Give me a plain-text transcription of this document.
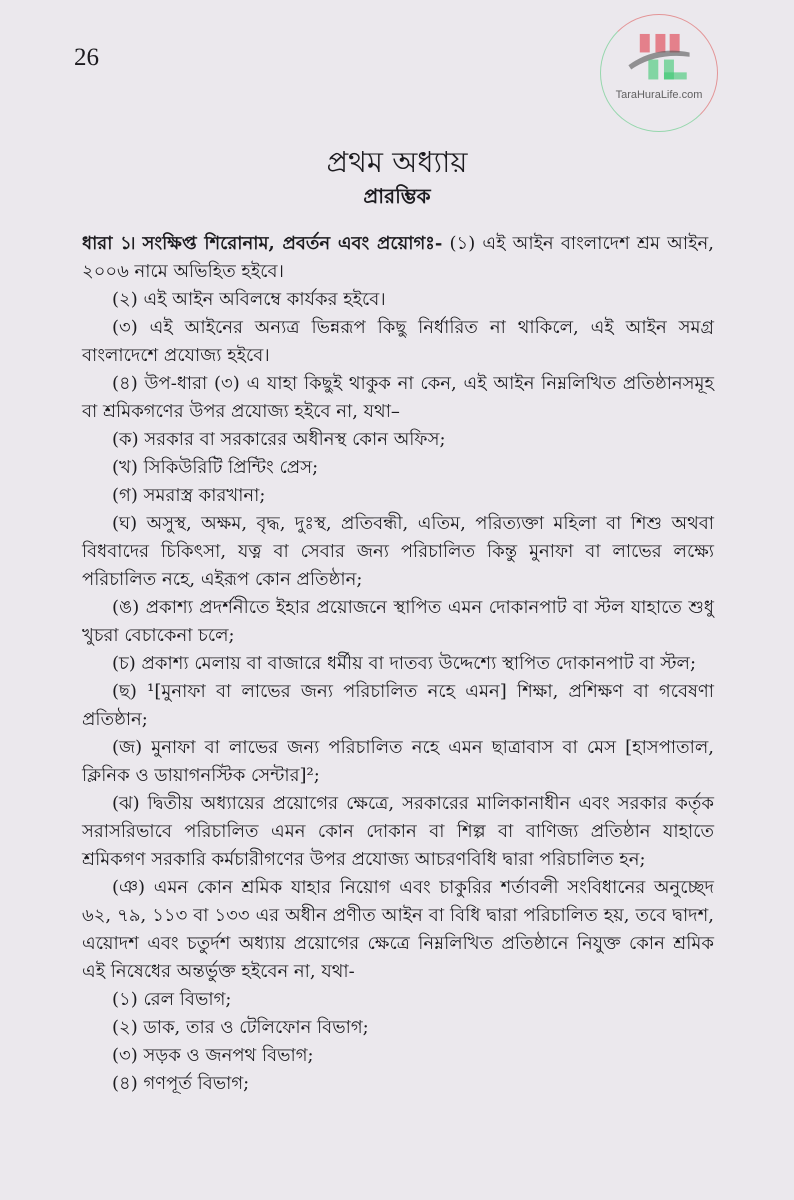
26
প্রথম অধ্যায়
প্রারম্ভিক

ধারা ১৷ সংক্ষিপ্ত শিরোনাম, প্রবর্তন এবং প্রয়োগঃ- (১) এই আইন বাংলাদেশ শ্রম আইন, ২০০৬ নামে অভিহিত হইবে।

(২) এই আইন অবিলম্বে কার্যকর হইবে।

(৩) এই আইনের অন্যত্র ভিন্নরূপ কিছু নির্ধারিত না থাকিলে, এই আইন সমগ্র বাংলাদেশে প্রযোজ্য হইবে।

(৪) উপ-ধারা (৩) এ যাহা কিছুই থাকুক না কেন, এই আইন নিম্নলিখিত প্রতিষ্ঠানসমূহ বা শ্রমিকগণের উপর প্রযোজ্য হইবে না, যথা–

(ক) সরকার বা সরকারের অধীনস্থ কোন অফিস;

(খ) সিকিউরিটি প্রিন্টিং প্রেস;

(গ) সমরাস্ত্র কারখানা;

(ঘ) অসুস্থ, অক্ষম, বৃদ্ধ, দুঃস্থ, প্রতিবন্ধী, এতিম, পরিত্যক্তা মহিলা বা শিশু অথবা বিধবাদের চিকিৎসা, যত্ন বা সেবার জন্য পরিচালিত কিন্তু মুনাফা বা লাভের লক্ষ্যে পরিচালিত নহে, এইরূপ কোন প্রতিষ্ঠান;

(ঙ) প্রকাশ্য প্রদর্শনীতে ইহার প্রয়োজনে স্থাপিত এমন দোকানপাট বা স্টল যাহাতে শুধু খুচরা বেচাকেনা চলে;

(চ) প্রকাশ্য মেলায় বা বাজারে ধর্মীয় বা দাতব্য উদ্দেশ্যে স্থাপিত দোকানপাট বা স্টল;

(ছ) ¹[মুনাফা বা লাভের জন্য পরিচালিত নহে এমন] শিক্ষা, প্রশিক্ষণ বা গবেষণা প্রতিষ্ঠান;

(জ) মুনাফা বা লাভের জন্য পরিচালিত নহে এমন ছাত্রাবাস বা মেস [হাসপাতাল, ক্লিনিক ও ডায়াগনস্টিক সেন্টার]²;

(ঝ) দ্বিতীয় অধ্যায়ের প্রয়োগের ক্ষেত্রে, সরকারের মালিকানাধীন এবং সরকার কর্তৃক সরাসরিভাবে পরিচালিত এমন কোন দোকান বা শিল্প বা বাণিজ্য প্রতিষ্ঠান যাহাতে শ্রমিকগণ সরকারি কর্মচারীগণের উপর প্রযোজ্য আচরণবিধি দ্বারা পরিচালিত হন;

(ঞ) এমন কোন শ্রমিক যাহার নিয়োগ এবং চাকুরির শর্তাবলী সংবিধানের অনুচ্ছেদ ৬২, ৭৯, ১১৩ বা ১৩৩ এর অধীন প্রণীত আইন বা বিধি দ্বারা পরিচালিত হয়, তবে দ্বাদশ, এয়োদশ এবং চতুর্দশ অধ্যায় প্রয়োগের ক্ষেত্রে নিম্নলিখিত প্রতিষ্ঠানে নিযুক্ত কোন শ্রমিক এই নিষেধের অন্তর্ভুক্ত হইবেন না, যথা-

(১) রেল বিভাগ;

(২) ডাক, তার ও টেলিফোন বিভাগ;

(৩) সড়ক ও জনপথ বিভাগ;

(৪) গণপূর্ত বিভাগ;

TaraHuraLife.com
